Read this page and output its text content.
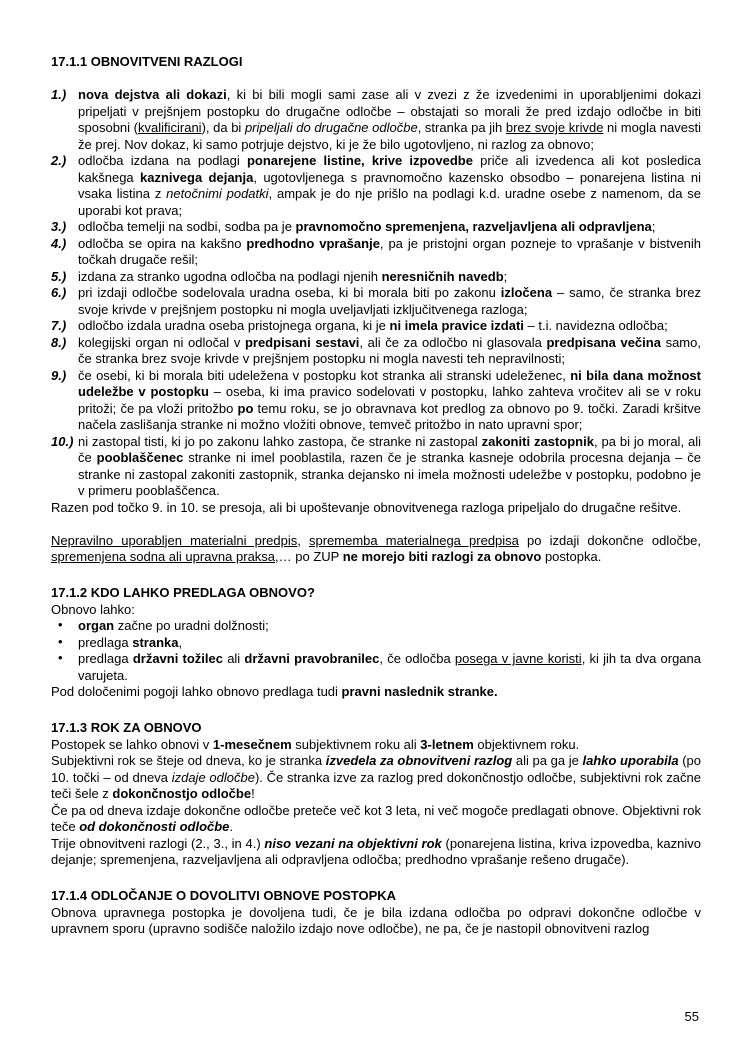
17.1.1 OBNOVITVENI RAZLOGI
1.) nova dejstva ali dokazi, ki bi bili mogli sami zase ali v zvezi z že izvedenimi in uporabljenimi dokazi pripeljati v prejšnjem postopku do drugačne odločbe – obstajati so morali že pred izdajo odločbe in biti sposobni (kvalificirani), da bi pripeljali do drugačne odločbe, stranka pa jih brez svoje krivde ni mogla navesti že prej. Nov dokaz, ki samo potrjuje dejstvo, ki je že bilo ugotovljeno, ni razlog za obnovo;
2.) odločba izdana na podlagi ponarejene listine, krive izpovedbe priče ali izvedenca ali kot posledica kakšnega kaznivega dejanja, ugotovljenega s pravnomočno kazensko obsodbo – ponarejena listina ni vsaka listina z netočnimi podatki, ampak je do nje prišlo na podlagi k.d. uradne osebe z namenom, da se uporabi kot prava;
3.) odločba temelji na sodbi, sodba pa je pravnomočno spremenjena, razveljavljena ali odpravljena;
4.) odločba se opira na kakšno predhodno vprašanje, pa je pristojni organ pozneje to vprašanje v bistvenih točkah drugače rešil;
5.) izdana za stranko ugodna odločba na podlagi njenih neresničnih navedb;
6.) pri izdaji odločbe sodelovala uradna oseba, ki bi morala biti po zakonu izločena – samo, če stranka brez svoje krivde v prejšnjem postopku ni mogla uveljavljati izključitvenega razloga;
7.) odločbo izdala uradna oseba pristojnega organa, ki je ni imela pravice izdati – t.i. navidezna odločba;
8.) kolegijski organ ni odločal v predpisani sestavi, ali če za odločbo ni glasovala predpisana večina samo, če stranka brez svoje krivde v prejšnjem postopku ni mogla navesti teh nepravilnosti;
9.) če osebi, ki bi morala biti udeležena v postopku kot stranka ali stranski udeleženec, ni bila dana možnost udeležbe v postopku – oseba, ki ima pravico sodelovati v postopku, lahko zahteva vročitev ali se v roku pritoži; če pa vloži pritožbo po temu roku, se jo obravnava kot predlog za obnovo po 9. točki. Zaradi kršitve načela zaslišanja stranke ni možno vložiti obnove, temveč pritožbo in nato upravni spor;
10.) ni zastopal tisti, ki jo po zakonu lahko zastopa, če stranke ni zastopal zakoniti zastopnik, pa bi jo moral, ali če pooblaščenec stranke ni imel pooblastila, razen če je stranka kasneje odobrila procesna dejanja – če stranke ni zastopal zakoniti zastopnik, stranka dejansko ni imela možnosti udeležbe v postopku, podobno je v primeru pooblaščenca.
Razen pod točko 9. in 10. se presoja, ali bi upoštevanje obnovitvenega razloga pripeljalo do drugačne rešitve.
Nepravilno uporabljen materialni predpis, sprememba materialnega predpisa po izdaji dokončne odločbe, spremenjena sodna ali upravna praksa,… po ZUP ne morejo biti razlogi za obnovo postopka.
17.1.2 KDO LAHKO PREDLAGA OBNOVO?
Obnovo lahko:
• organ začne po uradni dolžnosti;
• predlaga stranka,
• predlaga državni tožilec ali državni pravobranilec, če odločba posega v javne koristi, ki jih ta dva organa varujeta.
Pod določenimi pogoji lahko obnovo predlaga tudi pravni naslednik stranke.
17.1.3 ROK ZA OBNOVO
Postopek se lahko obnovi v 1-mesečnem subjektivnem roku ali 3-letnem objektivnem roku.
Subjektivni rok se šteje od dneva, ko je stranka izvedela za obnovitveni razlog ali pa ga je lahko uporabila (po 10. točki – od dneva izdaje odločbe). Če stranka izve za razlog pred dokončnostjo odločbe, subjektivni rok začne teči šele z dokončnostjo odločbe!
Če pa od dneva izdaje dokončne odločbe preteče več kot 3 leta, ni več mogoče predlagati obnove. Objektivni rok teče od dokončnosti odločbe.
Trije obnovitveni razlogi (2., 3., in 4.) niso vezani na objektivni rok (ponarejena listina, kriva izpovedba, kaznivo dejanje; spremenjena, razveljavljena ali odpravljena odločba; predhodno vprašanje rešeno drugače).
17.1.4 ODLOČANJE O DOVOLITVI OBNOVE POSTOPKA
Obnova upravnega postopka je dovoljena tudi, če je bila izdana odločba po odpravi dokončne odločbe v upravnem sporu (upravno sodišče naložilo izdajo nove odločbe), ne pa, če je nastopil obnovitveni razlog
55
